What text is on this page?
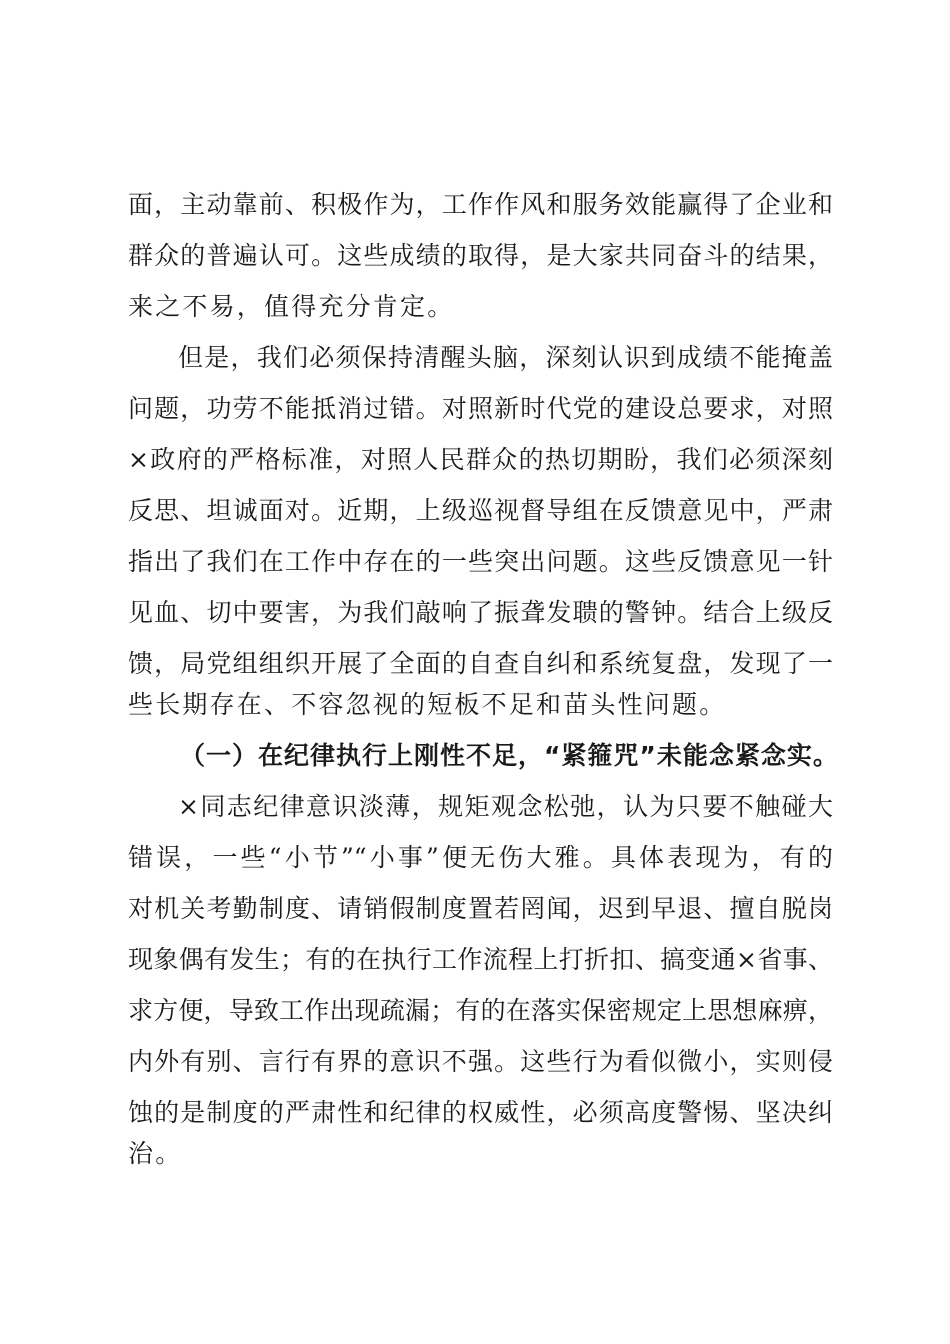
面，主动靠前、积极作为，工作作风和服务效能赢得了企业和
群众的普遍认可。这些成绩的取得，是大家共同奋斗的结果，
来之不易，值得充分肯定。
但是，我们必须保持清醒头脑，深刻认识到成绩不能掩盖
问题，功劳不能抵消过错。对照新时代党的建设总要求，对照
×政府的严格标准，对照人民群众的热切期盼，我们必须深刻
反思、坦诚面对。近期，上级巡视督导组在反馈意见中，严肃
指出了我们在工作中存在的一些突出问题。这些反馈意见一针
见血、切中要害，为我们敲响了振聋发聩的警钟。结合上级反
馈，局党组组织开展了全面的自查自纠和系统复盘，发现了一
些长期存在、不容忽视的短板不足和苗头性问题。
（一）在纪律执行上刚性不足，“紧箍咒”未能念紧念实。
×同志纪律意识淡薄，规矩观念松弛，认为只要不触碰大
错误，一些“小节”“小事”便无伤大雅。具体表现为，有的
对机关考勤制度、请销假制度置若罔闻，迟到早退、擅自脱岗
现象偶有发生；有的在执行工作流程上打折扣、搞变通×省事、
求方便，导致工作出现疏漏；有的在落实保密规定上思想麻痹，
内外有别、言行有界的意识不强。这些行为看似微小，实则侵
蚀的是制度的严肃性和纪律的权威性，必须高度警惕、坚决纠
治。
